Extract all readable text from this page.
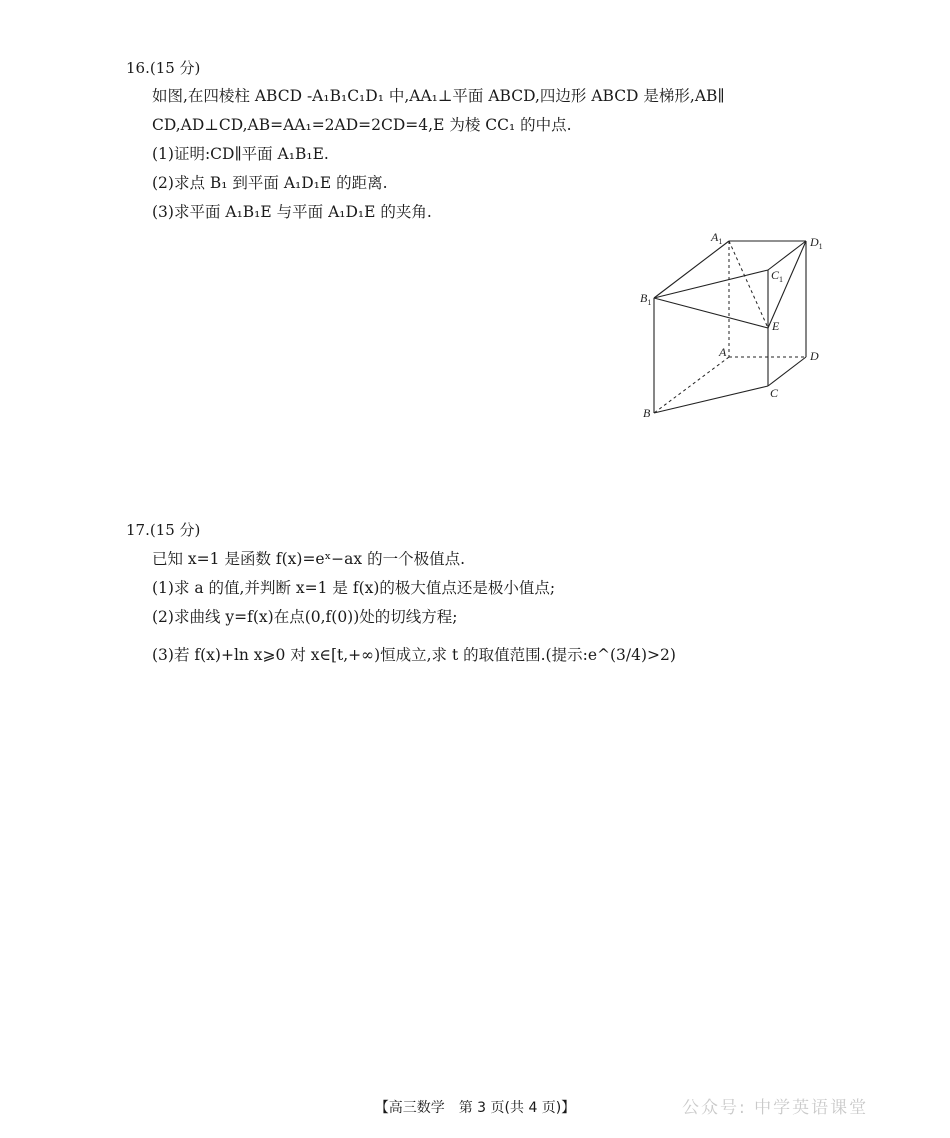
16.(15 分)
如图,在四棱柱 ABCD -A₁B₁C₁D₁ 中,AA₁⊥平面 ABCD,四边形 ABCD 是梯形,AB∥
CD,AD⊥CD,AB=AA₁=2AD=2CD=4,E 为棱 CC₁ 的中点.
(1)证明:CD∥平面 A₁B₁E.
(2)求点 B₁ 到平面 A₁D₁E 的距离.
(3)求平面 A₁B₁E 与平面 A₁D₁E 的夹角.
$A_1$	$D_1$
$C_1$
$B_1$
E
A	D
C
B
17.(15 分)
已知 x=1 是函数 f(x)=eˣ−ax 的一个极值点.
(1)求 a 的值,并判断 x=1 是 f(x)的极大值点还是极小值点;
(2)求曲线 y=f(x)在点(0,f(0))处的切线方程;
(3)若 f(x)+ln x⩾0 对 x∈[t,+∞)恒成立,求 t 的取值范围.(提示:e^(3/4)>2)
【高三数学　第 3 页(共 4 页)】	公众号: 中学英语课堂
